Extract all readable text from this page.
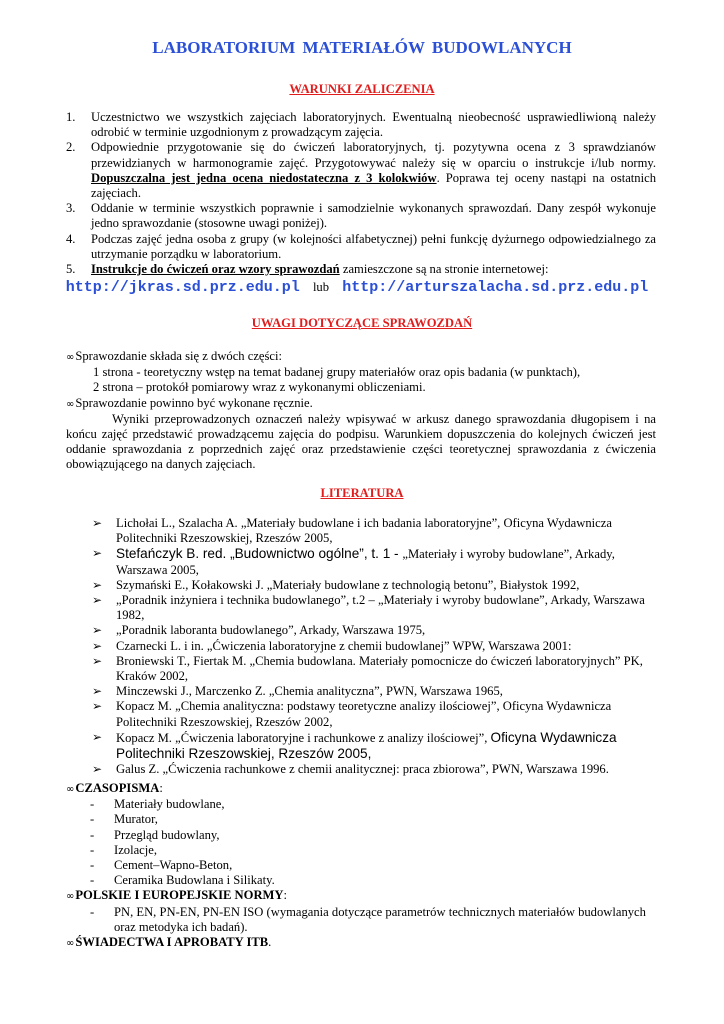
LABORATORIUM MATERIAŁÓW BUDOWLANYCH
WARUNKI ZALICZENIA
1. Uczestnictwo we wszystkich zajęciach laboratoryjnych. Ewentualną nieobecność usprawiedliwioną należy odrobić w terminie uzgodnionym z prowadzącym zajęcia.
2. Odpowiednie przygotowanie się do ćwiczeń laboratoryjnych, tj. pozytywna ocena z 3 sprawdzianów przewidzianych w harmonogramie zajęć. Przygotowywać należy się w oparciu o instrukcje i/lub normy. Dopuszczalna jest jedna ocena niedostateczna z 3 kolokwiów. Poprawa tej oceny nastąpi na ostatnich zajęciach.
3. Oddanie w terminie wszystkich poprawnie i samodzielnie wykonanych sprawozdań. Dany zespół wykonuje jedno sprawozdanie (stosowne uwagi poniżej).
4. Podczas zajęć jedna osoba z grupy (w kolejności alfabetycznej) pełni funkcję dyżurnego odpowiedzialnego za utrzymanie porządku w laboratorium.
5. Instrukcje do ćwiczeń oraz wzory sprawozdań zamieszczone są na stronie internetowej:
http://jkras.sd.prz.edu.pl lub http://arturszalacha.sd.prz.edu.pl
UWAGI DOTYCZĄCE SPRAWOZDAŃ
∞Sprawozdanie składa się z dwóch części:
1 strona - teoretyczny wstęp na temat badanej grupy materiałów oraz opis badania (w punktach),
2 strona – protokół pomiarowy wraz z wykonanymi obliczeniami.
∞Sprawozdanie powinno być wykonane ręcznie.
Wyniki przeprowadzonych oznaczeń należy wpisywać w arkusz danego sprawozdania długopisem i na końcu zajęć przedstawić prowadzącemu zajęcia do podpisu. Warunkiem dopuszczenia do kolejnych ćwiczeń jest oddanie sprawozdania z poprzednich zajęć oraz przedstawienie części teoretycznej sprawozdania z ćwiczenia obowiązującego na danych zajęciach.
LITERATURA
➢ Lichołai L., Szalacha A. „Materiały budowlane i ich badania laboratoryjne”, Oficyna Wydawnicza Politechniki Rzeszowskiej, Rzeszów 2005,
➢ Stefańczyk B. red. „Budownictwo ogólne”, t. 1 - „Materiały i wyroby budowlane”, Arkady, Warszawa 2005,
➢ Szymański E., Kołakowski J. „Materiały budowlane z technologią betonu”, Białystok 1992,
➢ „Poradnik inżyniera i technika budowlanego”, t.2 – „Materiały i wyroby budowlane”, Arkady, Warszawa 1982,
➢ „Poradnik laboranta budowlanego”, Arkady, Warszawa 1975,
➢ Czarnecki L. i in. „Ćwiczenia laboratoryjne z chemii budowlanej” WPW, Warszawa 2001:
➢ Broniewski T., Fiertak M. „Chemia budowlana. Materiały pomocnicze do ćwiczeń laboratoryjnych” PK, Kraków 2002,
➢ Minczewski J., Marczenko Z. „Chemia analityczna”, PWN, Warszawa 1965,
➢ Kopacz M. „Chemia analityczna: podstawy teoretyczne analizy ilościowej”, Oficyna Wydawnicza Politechniki Rzeszowskiej, Rzeszów 2002,
➢ Kopacz M. „Ćwiczenia laboratoryjne i rachunkowe z analizy ilościowej”, Oficyna Wydawnicza Politechniki Rzeszowskiej, Rzeszów 2005,
➢ Galus Z. „Ćwiczenia rachunkowe z chemii analitycznej: praca zbiorowa”, PWN, Warszawa 1996.
∞CZASOPISMA:
- Materiały budowlane,
- Murator,
- Przegląd budowlany,
- Izolacje,
- Cement–Wapno-Beton,
- Ceramika Budowlana i Silikaty.
∞POLSKIE I EUROPEJSKIE NORMY:
- PN, EN, PN-EN, PN-EN ISO (wymagania dotyczące parametrów technicznych materiałów budowlanych oraz metodyka ich badań).
∞ŚWIADECTWA I APROBATY ITB.
